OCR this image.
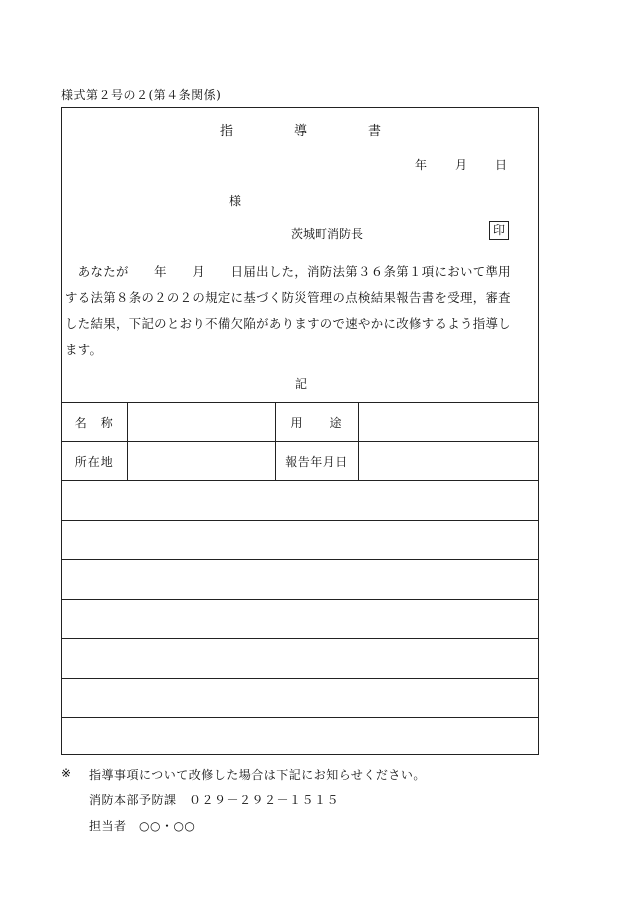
様式第２号の２(第４条関係)
指	導	書
年 月 日
様
茨城町消防長	印
　あなたが　　年　　月　　日届出した，消防法第３６条第１項において準用
する法第８条の２の２の規定に基づく防災管理の点検結果報告書を受理，審査
した結果，下記のとおり不備欠陥がありますので速やかに改修するよう指導し
ます。
記
名　称		用　　途	
所在地		報告年月日	

※ 指導事項について改修した場合は下記にお知らせください。
消防本部予防課　０２９－２９２－１５１５
担当者　○○・○○
